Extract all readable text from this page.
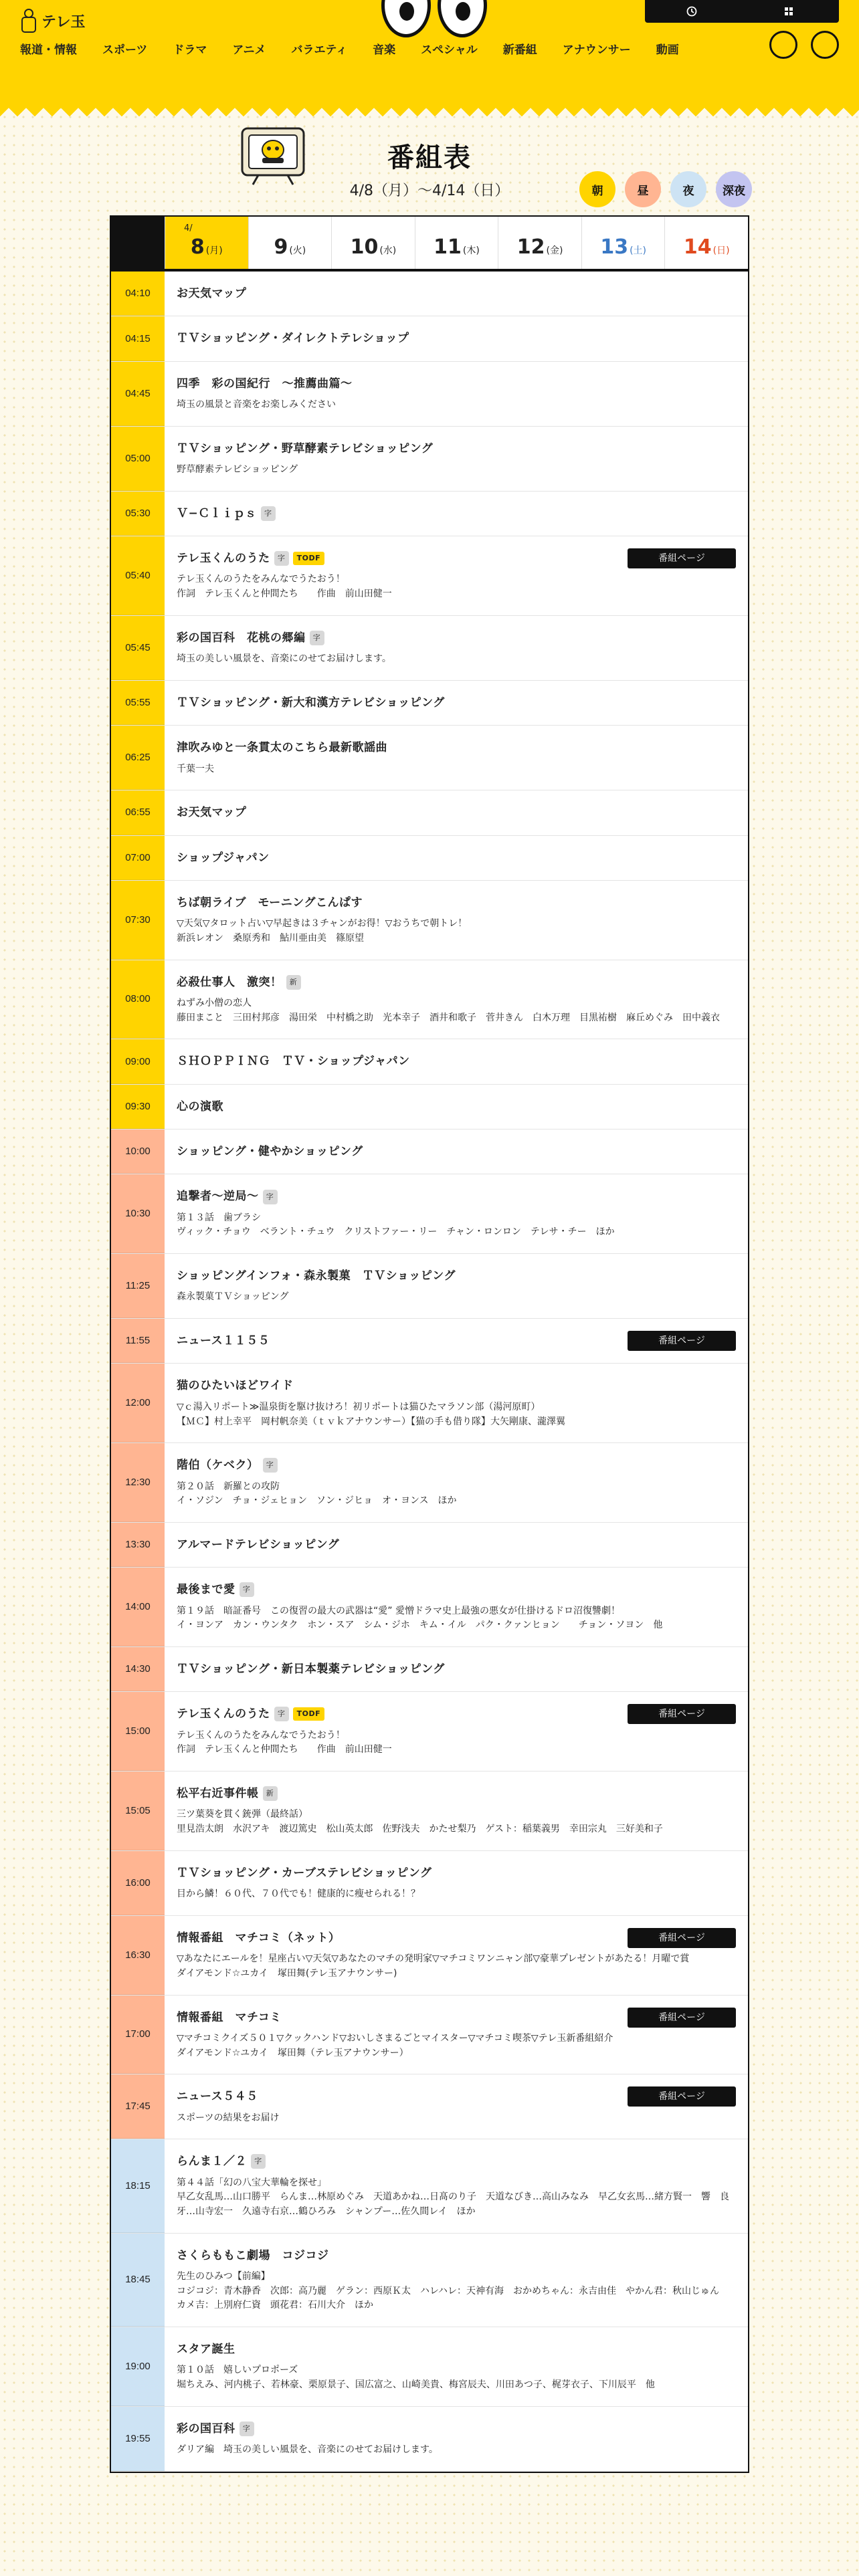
テレ玉
報道・情報	スポーツ	ドラマ	アニメ	バラエティ	音楽	スペシャル	新番組	アナウンサー	動画
番組表
4/8（月）〜4/14（日）	朝	昼	夜	深夜
4/
8 (月)	9 (火) 10 (水) 11 (木) 12 (金) 13 (土) 14 (日)
04:10	お天気マップ
04:15	ＴＶショッピング・ダイレクトテレショップ
04:45
四季　彩の国紀行　〜推薦曲篇〜
埼玉の風景と音楽をお楽しみください
05:00
ＴＶショッピング・野草酵素テレビショッピング
野草酵素テレビショッピング
05:30	Ｖ−Ｃｌｉｐｓ	字
05:40
テレ玉くんのうた	字	TODF
テレ玉くんのうたをみんなでうたおう！
作詞　テレ玉くんと仲間たち　　作曲　前山田健一
番組ページ
05:45
彩の国百科　花桃の郷編	字
埼玉の美しい風景を、音楽にのせてお届けします。
05:55	ＴＶショッピング・新大和漢方テレビショッピング
06:25
津吹みゆと一条貫太のこちら最新歌謡曲
千葉一夫
06:55	お天気マップ
07:00	ショップジャパン
07:30
ちば朝ライブ　モーニングこんぱす
▽天気▽タロット占い▽早起きは３チャンがお得！▽おうちで朝トレ！
新浜レオン　桑原秀和　鮎川亜由美　篠原望
08:00
必殺仕事人　激突！	新
ねずみ小僧の恋人
藤田まこと　三田村邦彦　湯田栄　中村橋之助　光本幸子　酒井和歌子　菅井きん　白木万理　目黒祐樹　麻丘めぐみ　田中義衣
09:00	ＳＨＯＰＰＩＮＧ　ＴＶ・ショップジャパン
09:30	心の演歌
10:00	ショッピング・健やかショッピング
10:30
追撃者〜逆局〜	字
第１３話　歯ブラシ
ヴィック・チョウ　ベラント・チュウ　クリストファー・リー　チャン・ロンロン　テレサ・チー　ほか
11:25
ショッピングインフォ・森永製菓　ＴＶショッピング
森永製菓ＴＶショッピング
11:55	ニュース１１５５	番組ページ
12:00
猫のひたいほどワイド
▽ｃ湯入リポート≫温泉街を駆け抜けろ！初リポートは猫ひたマラソン部（湯河原町）
【ＭＣ】村上幸平　岡村帆奈美（ｔｖｋアナウンサー）【猫の手も借り隊】大矢剛康、瀧澤翼
12:30
階伯（ケベク）	字
第２０話　新羅との攻防
イ・ソジン　チョ・ジェヒョン　ソン・ジヒョ　オ・ヨンス　ほか
13:30	アルマードテレビショッピング
14:00
最後まで愛	字
第１９話　暗証番号　この復習の最大の武器は“愛” 愛憎ドラマ史上最強の悪女が仕掛けるドロ沼復讐劇！
イ・ヨンア　カン・ウンタク　ホン・スア　シム・ジホ　キム・イル　パク・クァンヒョン　　チョン・ソヨン　他
14:30	ＴＶショッピング・新日本製薬テレビショッピング
15:00
テレ玉くんのうた	字	TODF
テレ玉くんのうたをみんなでうたおう！
作詞　テレ玉くんと仲間たち　　作曲　前山田健一
番組ページ
15:05
松平右近事件帳	新
三ツ葉葵を貫く銃弾（最終話）
里見浩太朗　水沢アキ　渡辺篤史　松山英太郎　佐野浅夫　かたせ梨乃　ゲスト：稲葉義男　幸田宗丸　三好美和子
16:00
ＴＶショッピング・カーブステレビショッピング
目から鱗！６０代、７０代でも！健康的に瘦せられる！？
16:30
情報番組　マチコミ（ネット）
▽あなたにエールを！星座占い▽天気▽あなたのマチの発明家▽マチコミワンニャン部▽豪華プレゼントがあたる！月曜で賞
ダイアモンド☆ユカイ　塚田舞(テレ玉アナウンサー)
番組ページ
17:00
情報番組　マチコミ
▽マチコミクイズ５０１▽クックハンド▽おいしさまるごとマイスター▽マチコミ喫茶▽テレ玉新番組紹介
ダイアモンド☆ユカイ　塚田舞（テレ玉アナウンサー）
番組ページ
17:45
ニュース５４５
スポーツの結果をお届け
番組ページ
18:15
らんま１／２	字
第４４話「幻の八宝大華輪を探せ」
早乙女乱馬…山口勝平　らんま…林原めぐみ　天道あかね…日髙のり子　天道なびき…高山みなみ　早乙女玄馬…緒方賢一　響　良牙…山寺宏一　久遠寺右京…鶴ひろみ　シャンプー…佐久間レイ　ほか
18:45
さくらももこ劇場　コジコジ
先生のひみつ【前編】
コジコジ：青木静香　次郎：高乃麗　ゲラン：西原Ｋ太　ハレハレ：天神有海　おかめちゃん：永吉由佳　やかん君：秋山じゅん　カメ吉：上別府仁資　頭花君：石川大介　ほか
19:00
スタア誕生
第１０話　嬉しいプロポーズ
堀ちえみ、河内桃子、若林豪、栗原景子、国広富之、山崎美貴、梅宮辰夫、川田あつ子、梶芽衣子、下川辰平　他
19:55
彩の国百科	字
ダリア編　埼玉の美しい風景を、音楽にのせてお届けします。
